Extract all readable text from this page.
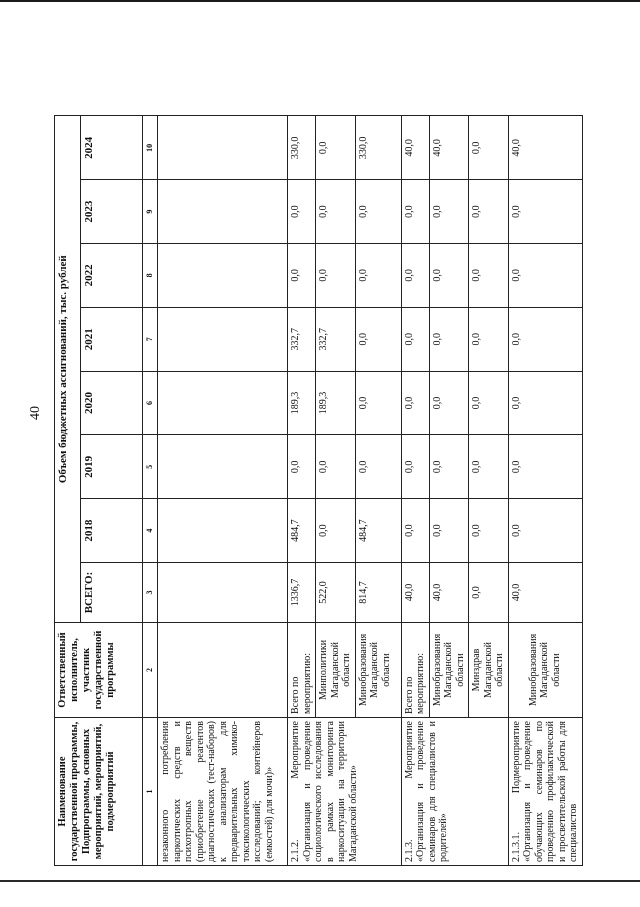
40
Наименование государственной программы, Подпрограммы, основных мероприятий, мероприятий, подмероприятий	Ответственный исполнитель, участник государственной программы	Объем бюджетных ассигнований, тыс. рублей							
		ВСЕГО:	2018	2019	2020	2021	2022	2023	2024
1	2	3	4	5	6	7	8	9	10
незаконного потребления наркотических средств и психотропных веществ (приобретение реагентов диагностических (тест-наборов) к анализаторам для предварительных химико-токсикологических исследований; контейнеров (емкостей) для мочи)»									
2.1.2. Мероприятие «Организация и проведение социологического исследования в рамках мониторинга наркоситуации на территории Магаданской области»	Всего по мероприятию:	1336,7	484,7	0,0	189,3	332,7	0,0	0,0	330,0
	Минполитики Магаданской области	522,0	0,0	0,0	189,3	332,7	0,0	0,0	0,0
	Минобразования Магаданской области	814,7	484,7	0,0	0,0	0,0	0,0	0,0	330,0
2.1.3. Мероприятие «Организация и проведение семинаров для специалистов и родителей»	Всего по мероприятию:	40,0	0,0	0,0	0,0	0,0	0,0	0,0	40,0
	Минобразования Магаданской области	40,0	0,0	0,0	0,0	0,0	0,0	0,0	40,0
	Минздрав Магаданской области	0,0	0,0	0,0	0,0	0,0	0,0	0,0	0,0
2.1.3.1. Подмероприятие «Организация и проведение обучающих семинаров по проведению профилактической и просветительской работы для специалистов	Минобразования Магаданской области	40,0	0,0	0,0	0,0	0,0	0,0	0,0	40,0
